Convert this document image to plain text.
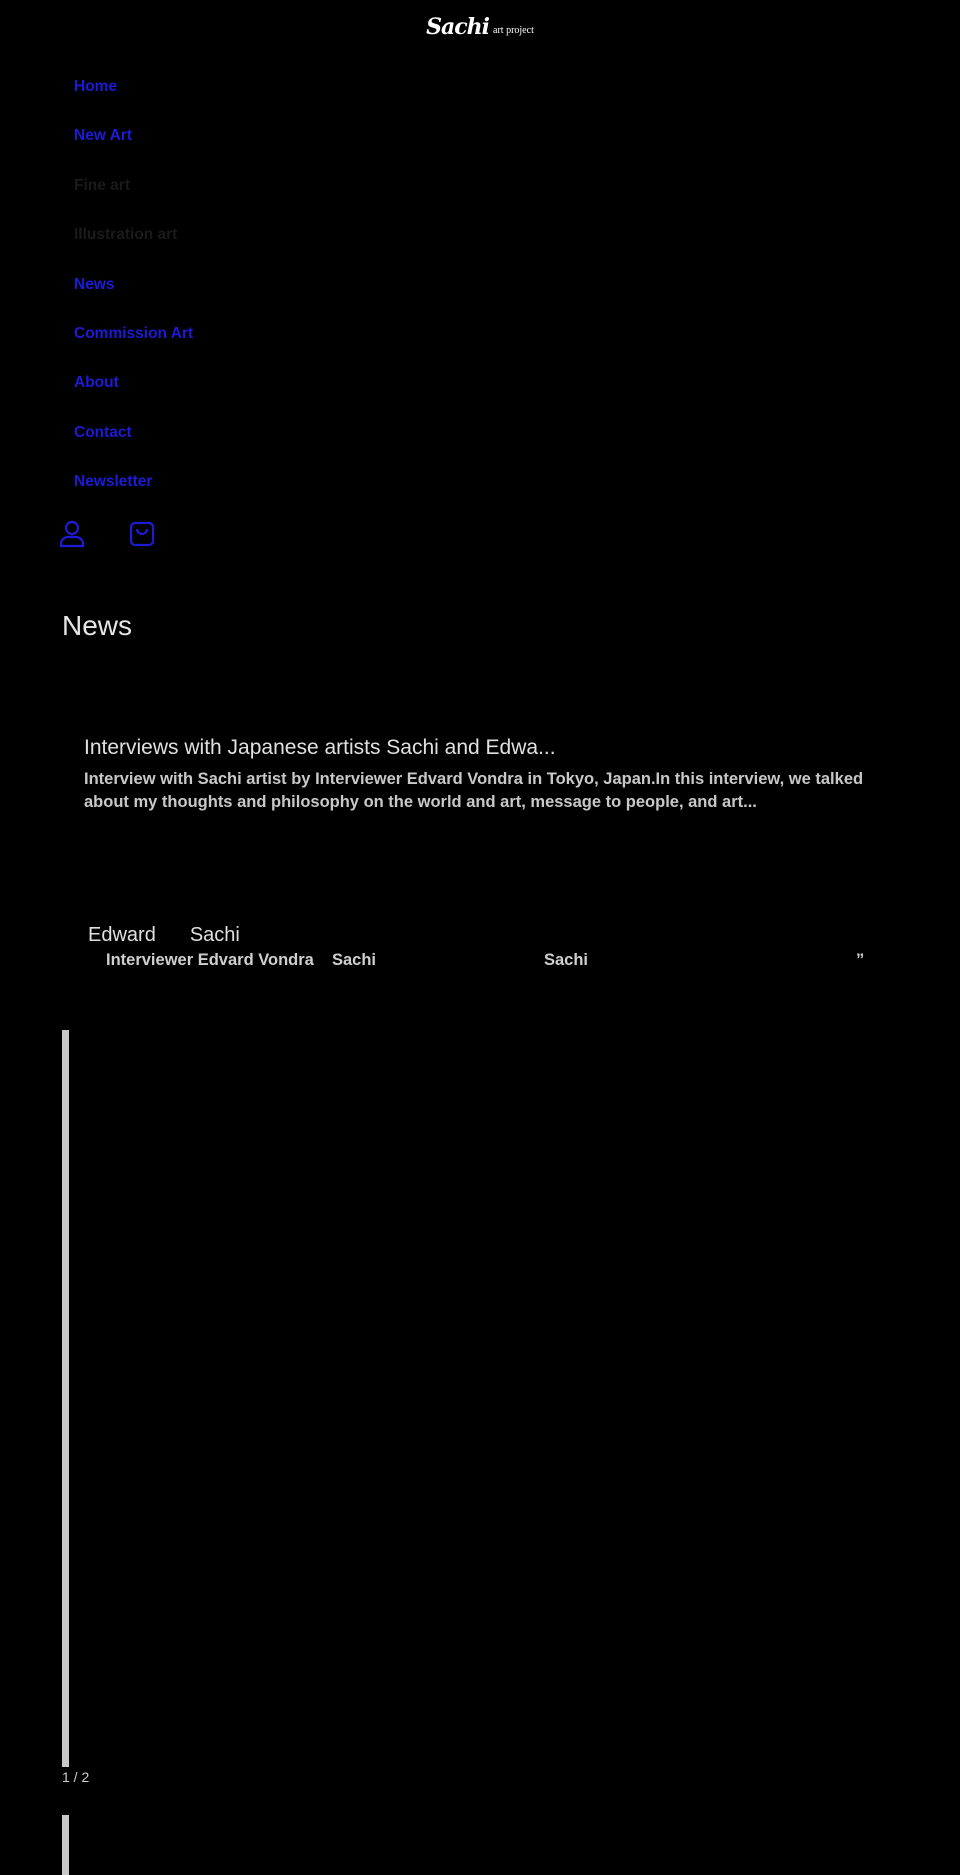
Sachi art project
Home
New Art
Fine art
Illustration art
News
Commission Art
About
Contact
Newsletter
News
Interviews with Japanese artists Sachi and Edwa...

Interview with Sachi artist by Interviewer Edvard Vondra in Tokyo, Japan.In this interview, we talked about my thoughts and philosophy on the world and art, message to people, and art...

Edward Sachi
Interviewer Edvard Vondra Sachi	Sachi	”
1 / 2
